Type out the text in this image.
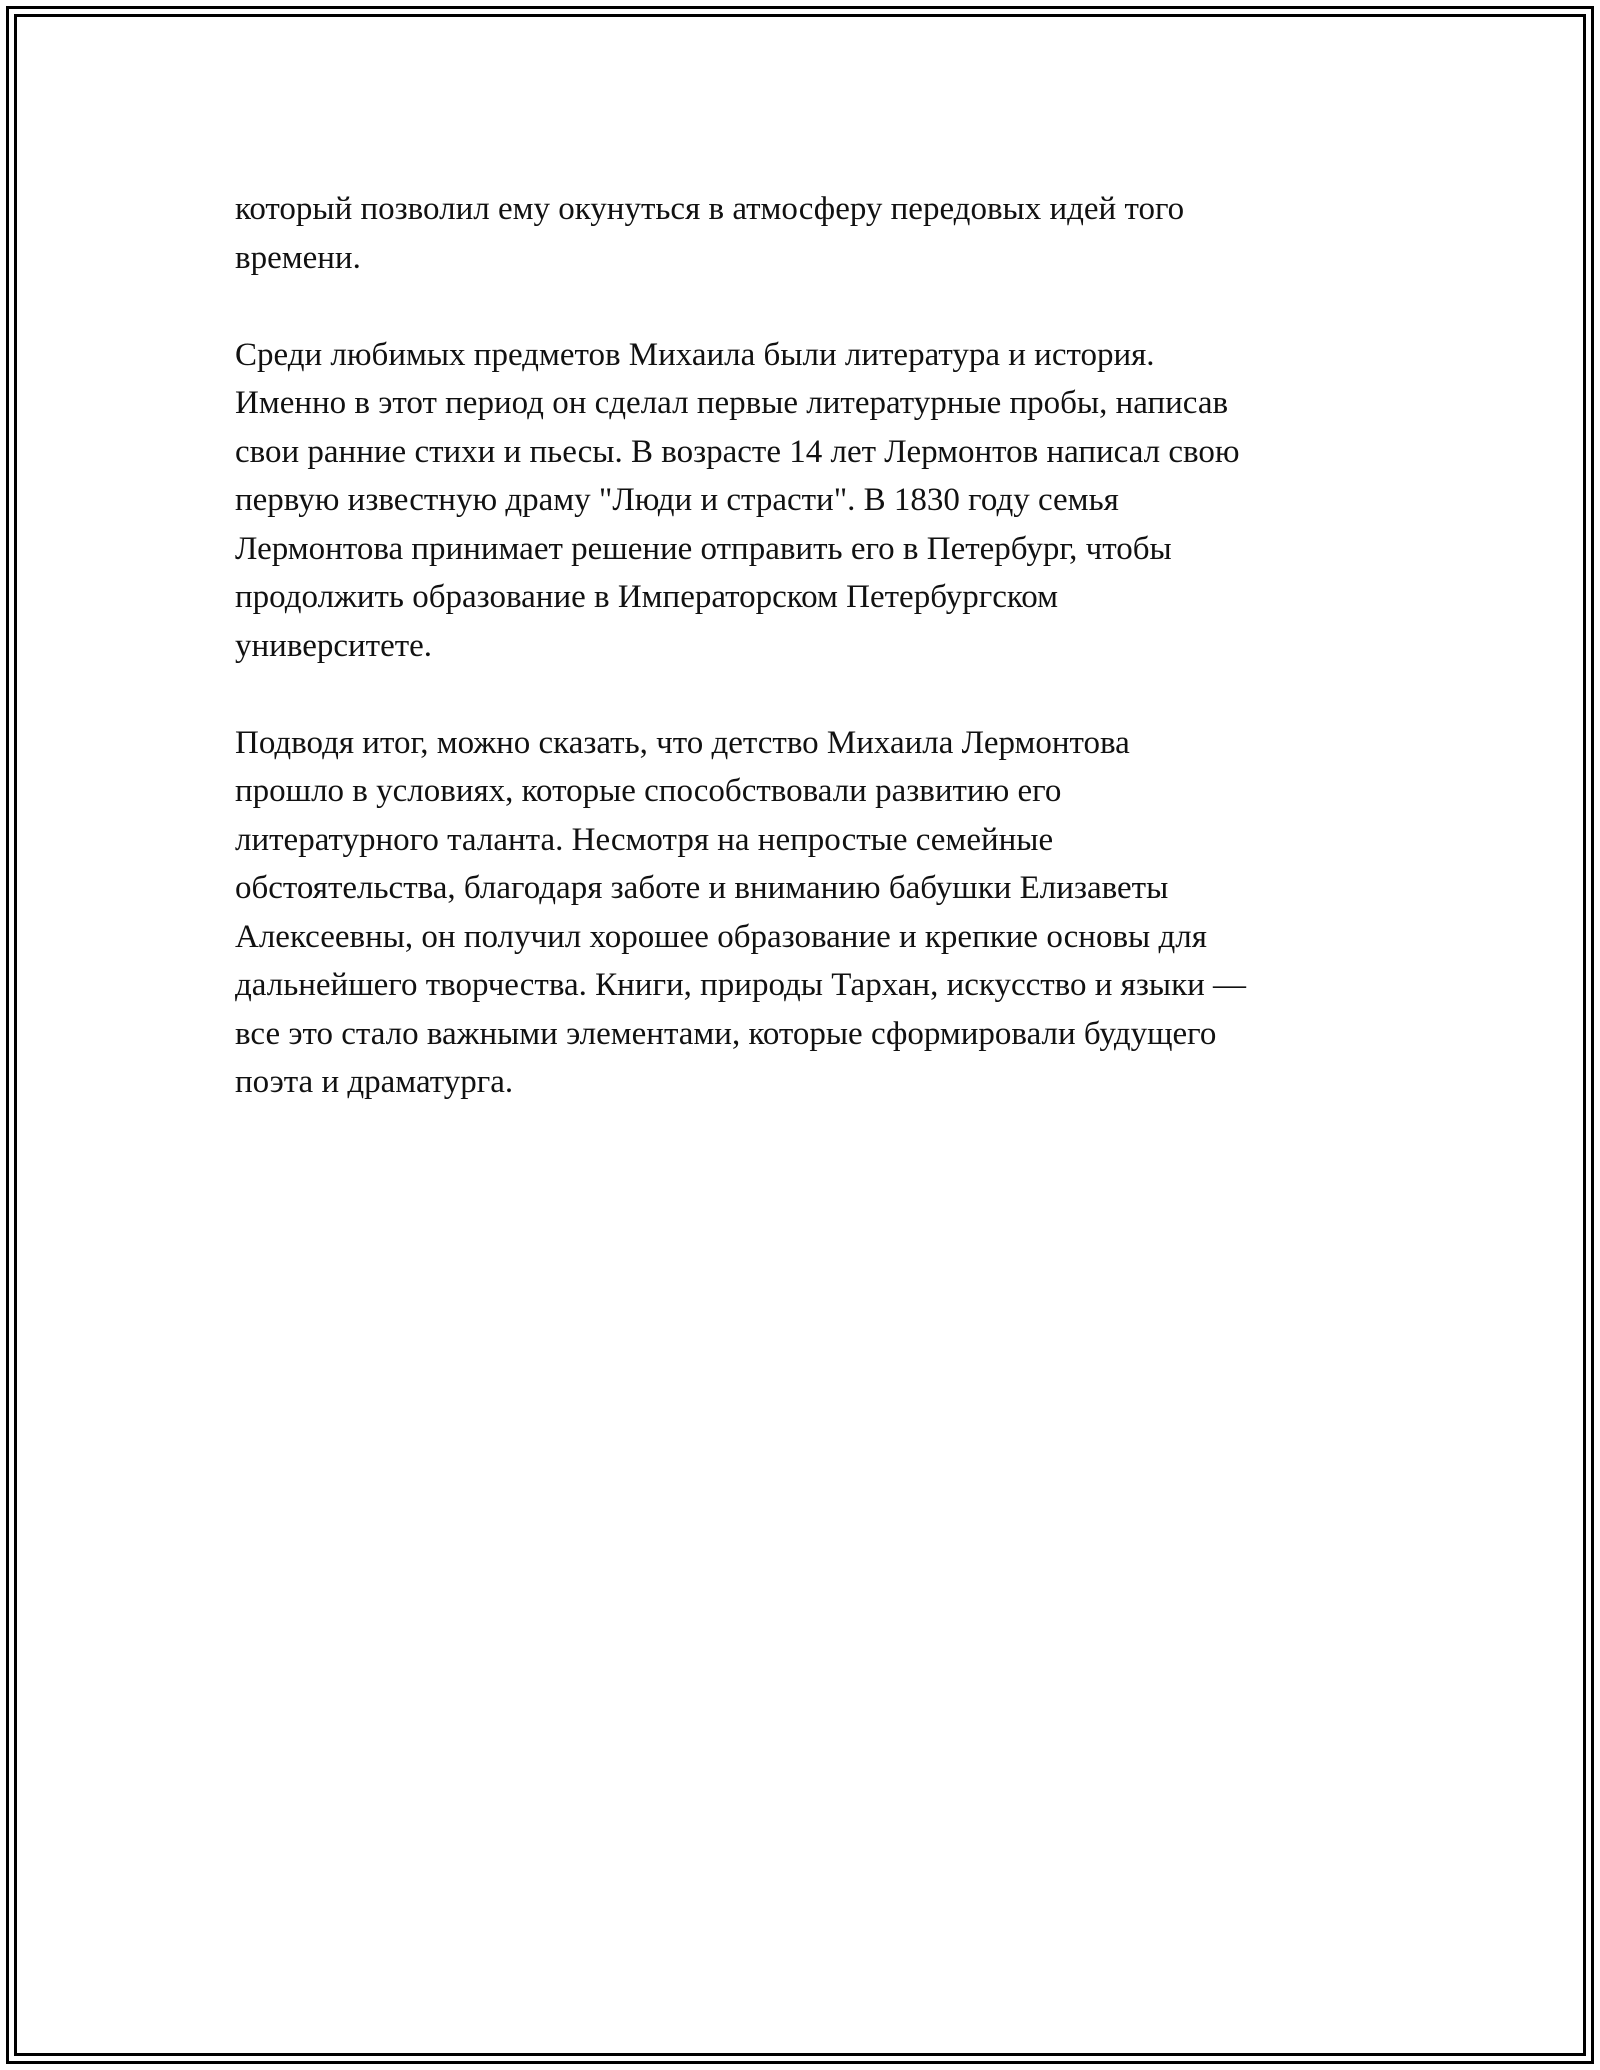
который позволил ему окунуться в атмосферу передовых идей того
времени.

Среди любимых предметов Михаила были литература и история.
Именно в этот период он сделал первые литературные пробы, написав
свои ранние стихи и пьесы. В возрасте 14 лет Лермонтов написал свою
первую известную драму "Люди и страсти". В 1830 году семья
Лермонтова принимает решение отправить его в Петербург, чтобы
продолжить образование в Императорском Петербургском
университете.

Подводя итог, можно сказать, что детство Михаила Лермонтова
прошло в условиях, которые способствовали развитию его
литературного таланта. Несмотря на непростые семейные
обстоятельства, благодаря заботе и вниманию бабушки Елизаветы
Алексеевны, он получил хорошее образование и крепкие основы для
дальнейшего творчества. Книги, природы Тархан, искусство и языки —
все это стало важными элементами, которые сформировали будущего
поэта и драматурга.
